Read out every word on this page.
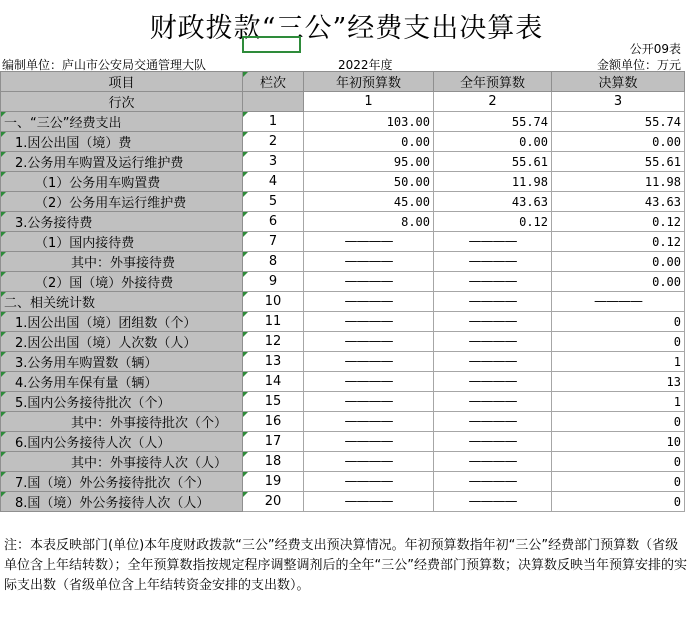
财政拨款“三公”经费支出决算表
公开09表
编制单位：庐山市公安局交通管理大队	2022年度	金额单位：万元
项目	栏次	年初预算数	全年预算数	决算数
行次		1	2	3
一、“三公”经费支出	1	103.00	55.74	55.74
1.因公出国（境）费	2	0.00	0.00	0.00
2.公务用车购置及运行维护费	3	95.00	55.61	55.61
（1）公务用车购置费	4	50.00	11.98	11.98
（2）公务用车运行维护费	5	45.00	43.63	43.63
3.公务接待费	6	8.00	0.12	0.12
（1）国内接待费	7	————	————	0.12
其中：外事接待费	8	————	————	0.00
（2）国（境）外接待费	9	————	————	0.00
二、相关统计数	10	————	————	————
1.因公出国（境）团组数（个）	11	————	————	0
2.因公出国（境）人次数（人）	12	————	————	0
3.公务用车购置数（辆）	13	————	————	1
4.公务用车保有量（辆）	14	————	————	13
5.国内公务接待批次（个）	15	————	————	1
其中：外事接待批次（个）	16	————	————	0
6.国内公务接待人次（人）	17	————	————	10
其中：外事接待人次（人）	18	————	————	0
7.国（境）外公务接待批次（个）	19	————	————	0
8.国（境）外公务接待人次（人）	20	————	————	0
注：本表反映部门(单位)本年度财政拨款“三公”经费支出预决算情况。年初预算数指年初“三公”经费部门预算数（省级单位含上年结转数）；全年预算数指按规定程序调整调剂后的全年“三公”经费部门预算数；决算数反映当年预算安排的实际支出数（省级单位含上年结转资金安排的支出数）。
